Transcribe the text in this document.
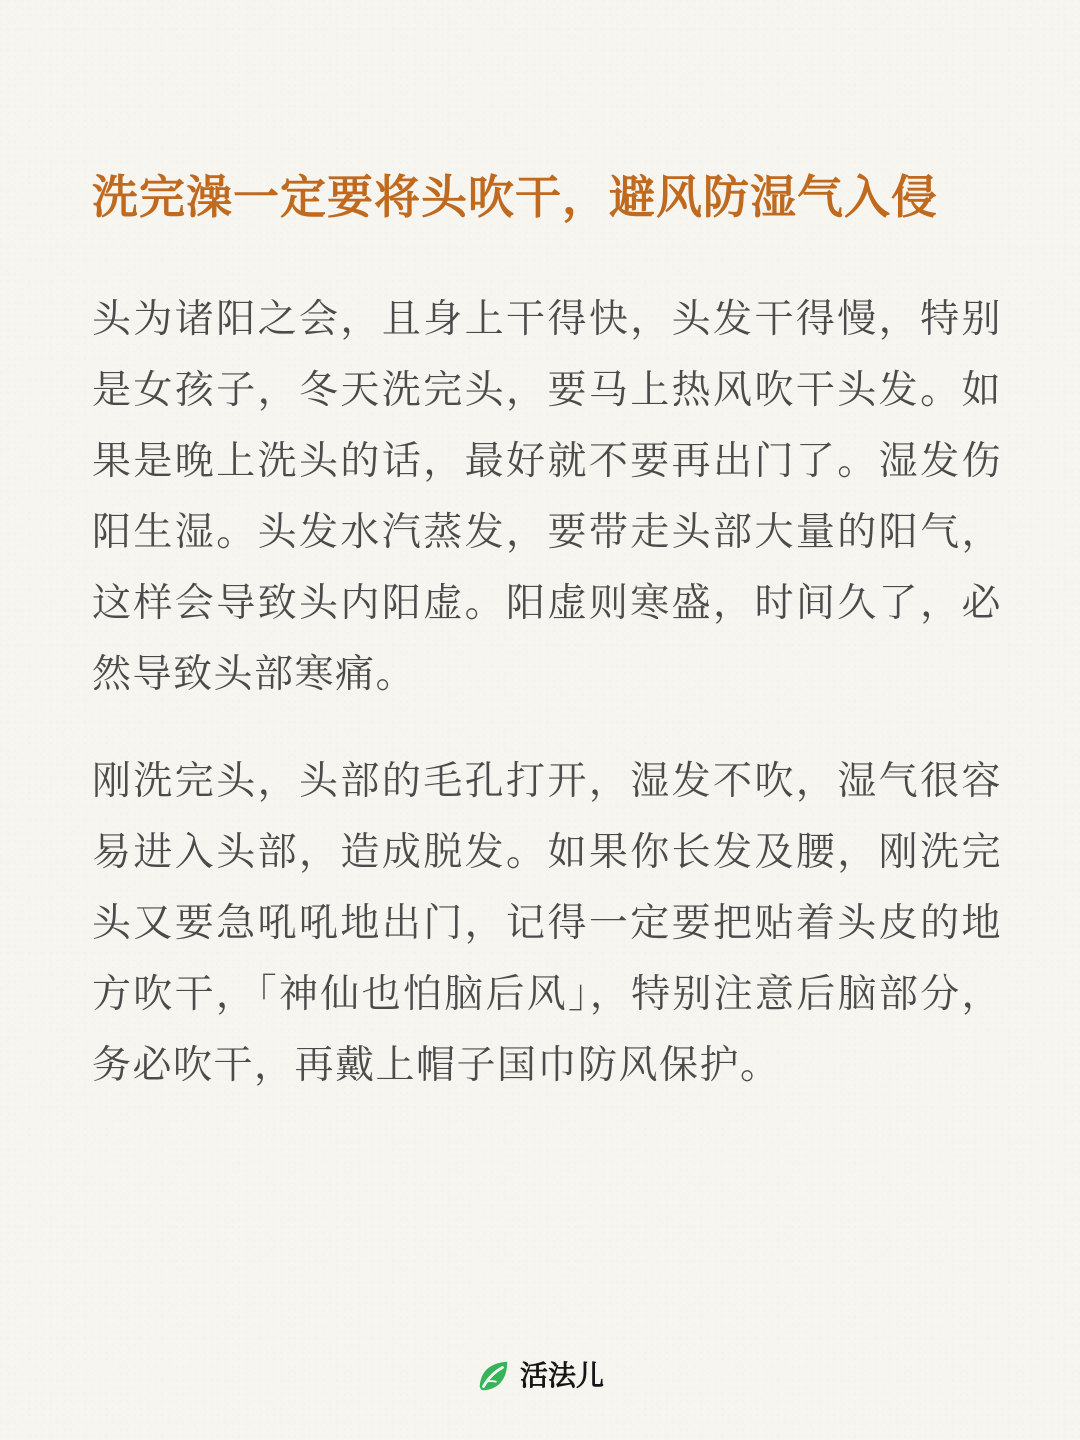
洗完澡一定要将头吹干，避风防湿气入侵

头为诸阳之会，且身上干得快，头发干得慢，特别是女孩子，冬天洗完头，要马上热风吹干头发。如果是晚上洗头的话，最好就不要再出门了。湿发伤阳生湿。头发水汽蒸发，要带走头部大量的阳气，这样会导致头内阳虚。阳虚则寒盛，时间久了，必然导致头部寒痛。

刚洗完头，头部的毛孔打开，湿发不吹，湿气很容易进入头部，造成脱发。如果你长发及腰，刚洗完头又要急吼吼地出门，记得一定要把贴着头皮的地方吹干，「神仙也怕脑后风」，特别注意后脑部分，务必吹干，再戴上帽子国巾防风保护。

活法儿
